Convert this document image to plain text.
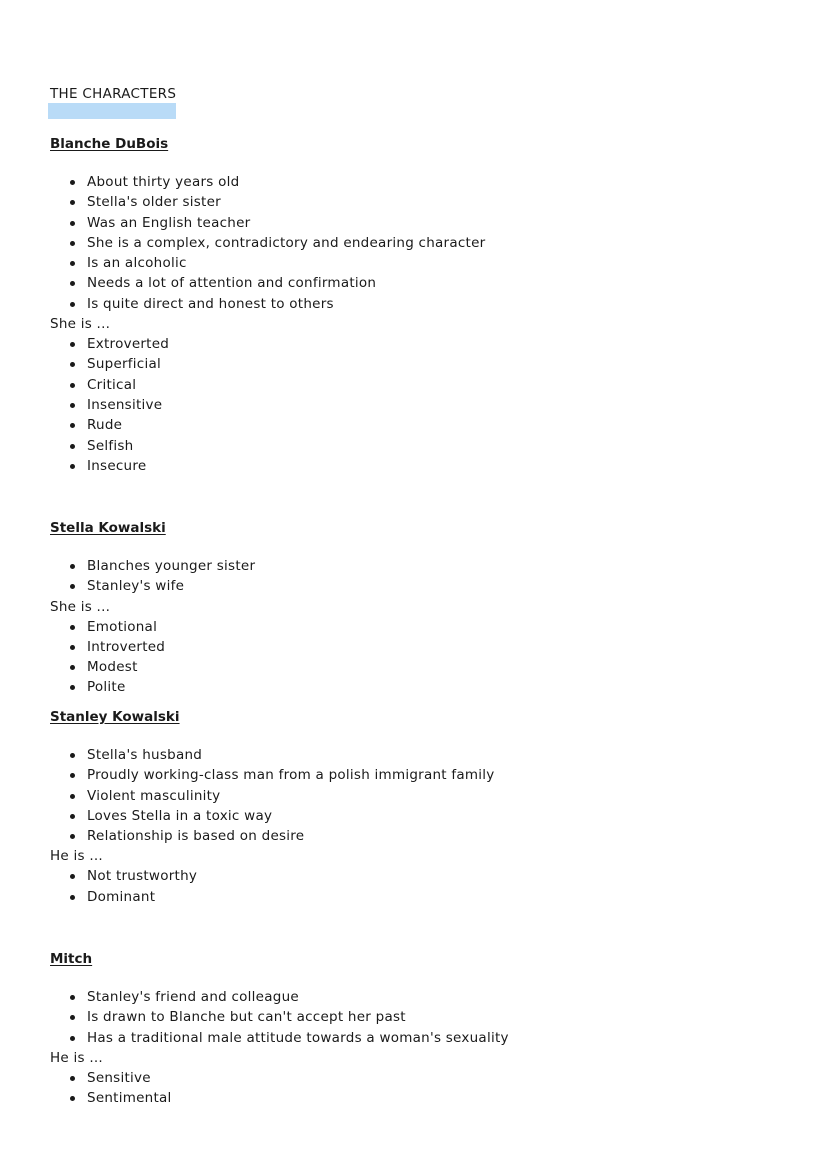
THE CHARACTERS
Blanche DuBois
About thirty years old
Stella's older sister
Was an English teacher
She is a complex, contradictory and endearing character
Is an alcoholic
Needs a lot of attention and confirmation
Is quite direct and honest to others
She is ...
Extroverted
Superficial
Critical
Insensitive
Rude
Selfish
Insecure
Stella Kowalski
Blanches younger sister
Stanley's wife
She is ...
Emotional
Introverted
Modest
Polite
Stanley Kowalski
Stella's husband
Proudly working-class man from a polish immigrant family
Violent masculinity
Loves Stella in a toxic way
Relationship is based on desire
He is ...
Not trustworthy
Dominant
Mitch
Stanley's friend and colleague
Is drawn to Blanche but can't accept her past
Has a traditional male attitude towards a woman's sexuality
He is ...
Sensitive
Sentimental
